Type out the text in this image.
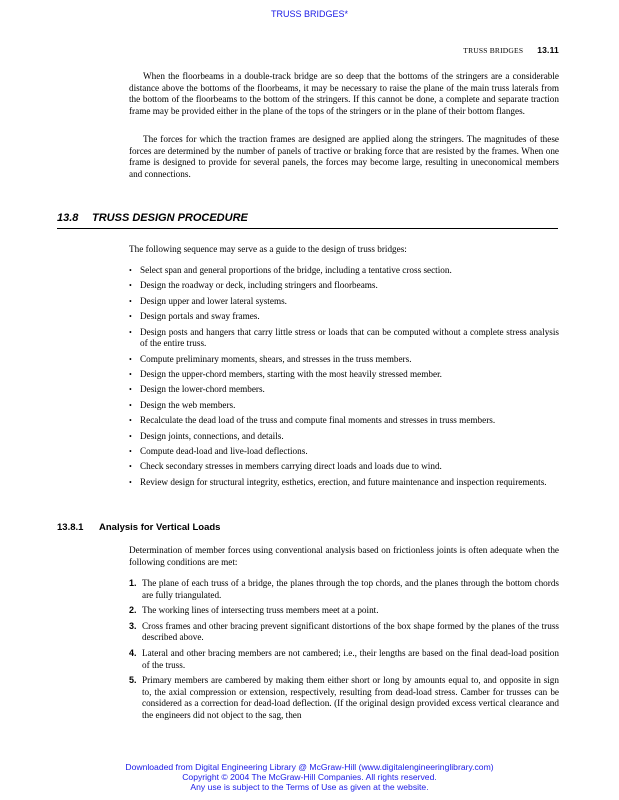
TRUSS BRIDGES*
TRUSS BRIDGES 13.11

When the floorbeams in a double-track bridge are so deep that the bottoms of the stringers are a considerable distance above the bottoms of the floorbeams, it may be necessary to raise the plane of the main truss laterals from the bottom of the floorbeams to the bottom of the stringers. If this cannot be done, a complete and separate traction frame may be provided either in the plane of the tops of the stringers or in the plane of their bottom flanges.

The forces for which the traction frames are designed are applied along the stringers. The magnitudes of these forces are determined by the number of panels of tractive or braking force that are resisted by the frames. When one frame is designed to provide for several panels, the forces may become large, resulting in uneconomical members and connections.

13.8 TRUSS DESIGN PROCEDURE

The following sequence may serve as a guide to the design of truss bridges:

• Select span and general proportions of the bridge, including a tentative cross section.
• Design the roadway or deck, including stringers and floorbeams.
• Design upper and lower lateral systems.
• Design portals and sway frames.
• Design posts and hangers that carry little stress or loads that can be computed without a complete stress analysis of the entire truss.
• Compute preliminary moments, shears, and stresses in the truss members.
• Design the upper-chord members, starting with the most heavily stressed member.
• Design the lower-chord members.
• Design the web members.
• Recalculate the dead load of the truss and compute final moments and stresses in truss members.
• Design joints, connections, and details.
• Compute dead-load and live-load deflections.
• Check secondary stresses in members carrying direct loads and loads due to wind.
• Review design for structural integrity, esthetics, erection, and future maintenance and inspection requirements.
13.8.1 Analysis for Vertical Loads

Determination of member forces using conventional analysis based on frictionless joints is often adequate when the following conditions are met:

1. The plane of each truss of a bridge, the planes through the top chords, and the planes through the bottom chords are fully triangulated.
2. The working lines of intersecting truss members meet at a point.
3. Cross frames and other bracing prevent significant distortions of the box shape formed by the planes of the truss described above.
4. Lateral and other bracing members are not cambered; i.e., their lengths are based on the final dead-load position of the truss.
5. Primary members are cambered by making them either short or long by amounts equal to, and opposite in sign to, the axial compression or extension, respectively, resulting from dead-load stress. Camber for trusses can be considered as a correction for dead-load deflection. (If the original design provided excess vertical clearance and the engineers did not object to the sag, then
Downloaded from Digital Engineering Library @ McGraw-Hill (www.digitalengineeringlibrary.com)
Copyright © 2004 The McGraw-Hill Companies. All rights reserved.
Any use is subject to the Terms of Use as given at the website.
